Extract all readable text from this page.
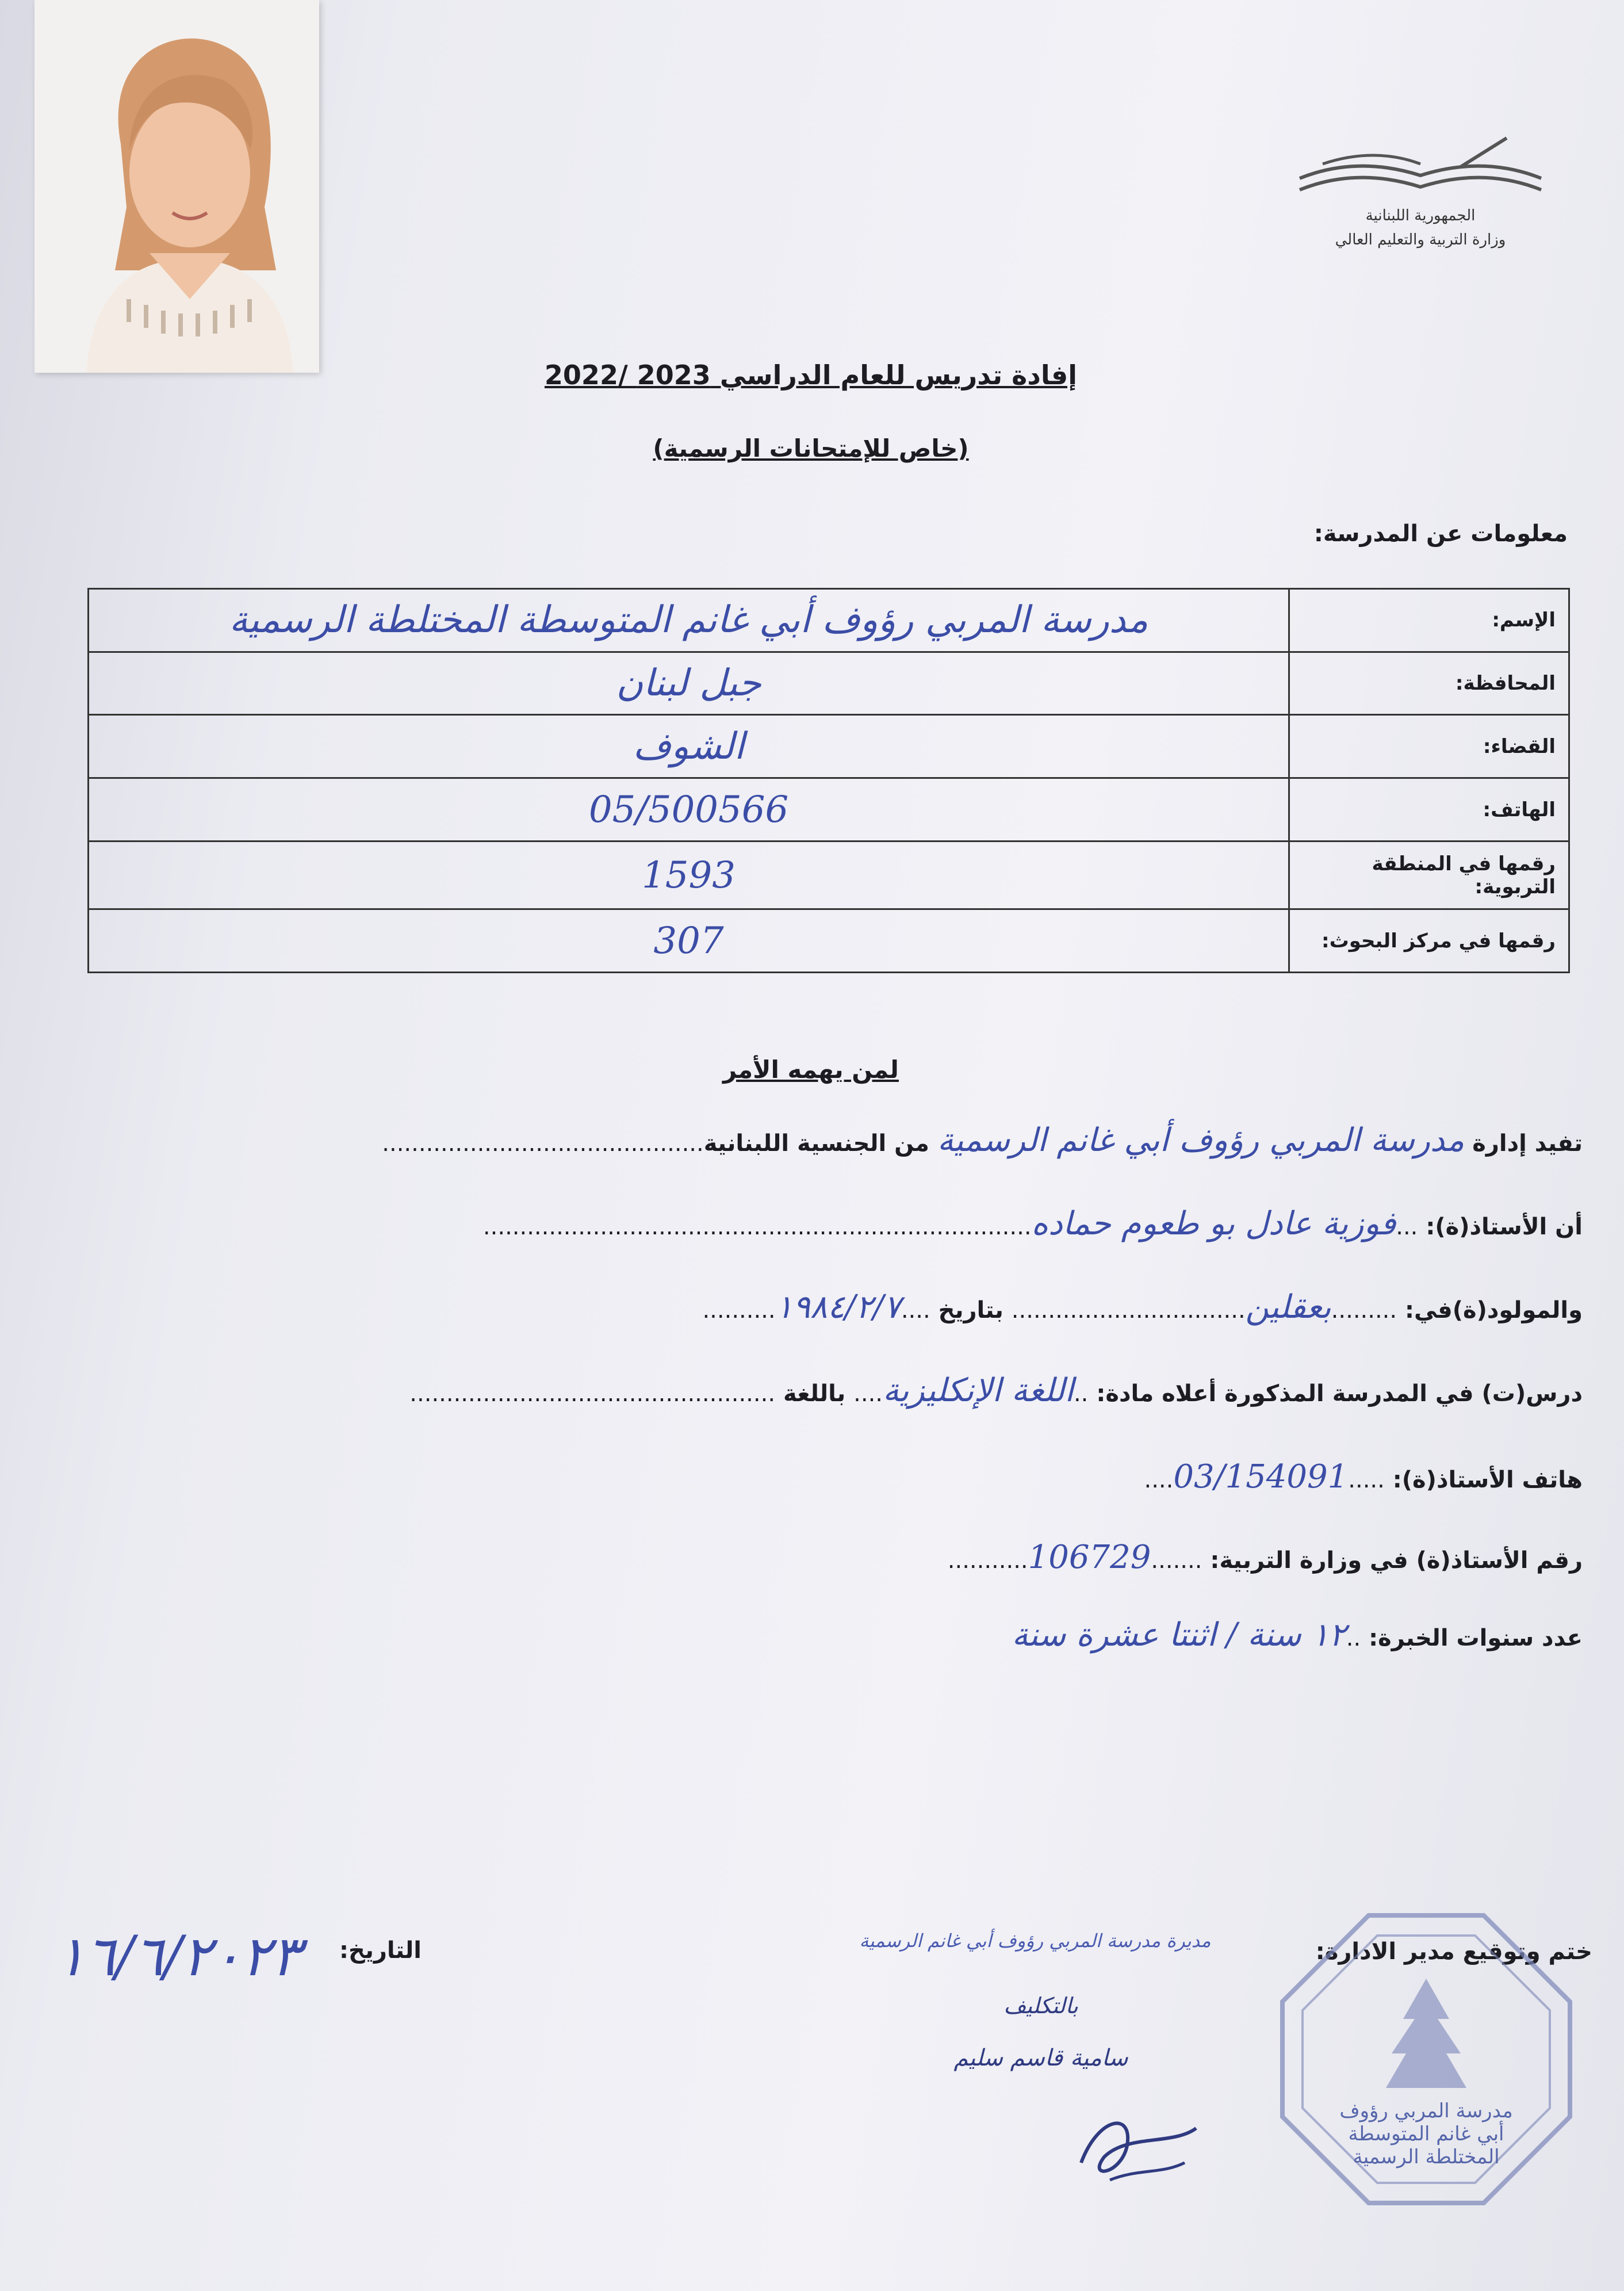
الجمهورية اللبنانية
وزارة التربية والتعليم العالي
إفادة تدريس للعام الدراسي 2023 /2022
(خاص للإمتحانات الرسمية)
معلومات عن المدرسة:
الإسم:	مدرسة المربي رؤوف أبي غانم المتوسطة المختلطة الرسمية
المحافظة:	جبل لبنان
القضاء:	الشوف
الهاتف:	05/500566
رقمها في المنطقة التربوية:	1593
رقمها في مركز البحوث:	307
لمن يهمه الأمر
تفيد إدارة مدرسة المربي رؤوف أبي غانم الرسمية من الجنسية اللبنانية............................................
أن الأستاذ(ة): ...فوزية عادل بو طعوم حماده...........................................................................
والمولود(ة)في: .........بعقلين................................ بتاريخ ....١٩٨٤/٢/٧..........
درس(ت) في المدرسة المذكورة أعلاه مادة: ..اللغة الإنكليزية.... باللغة ..................................................
هاتف الأستاذ(ة): .....03/154091....
رقم الأستاذ(ة) في وزارة التربية: .......106729...........
عدد سنوات الخبرة: ..١٢ سنة / اثنتا عشرة سنة
ختم وتوقيع مدير الادارة:
مديرة مدرسة المربي رؤوف أبي غانم الرسمية
بالتكليف
سامية قاسم سليم
مدرسة المربي رؤوف أبي غانم المتوسطة المختلطة الرسمية
التاريخ:
١٦/٦/٢٠٢٣
